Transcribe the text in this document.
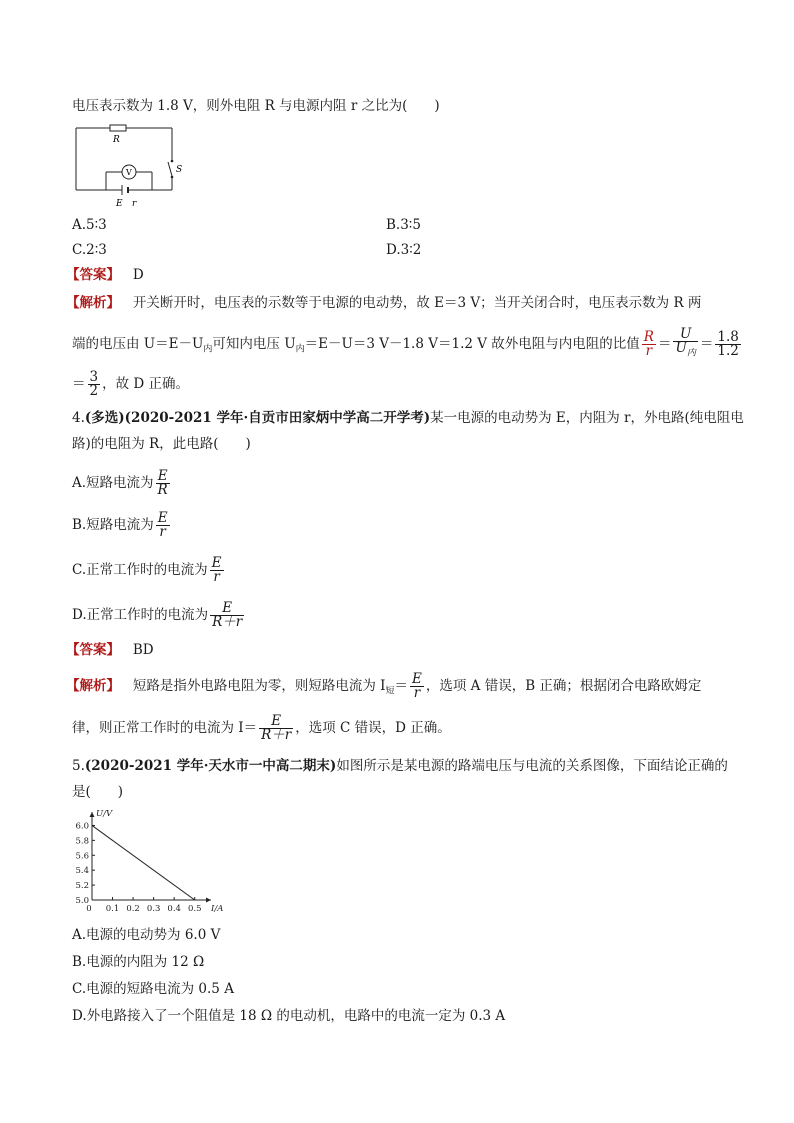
电压表示数为 1.8 V，则外电阻 R 与电源内阻 r 之比为(　　)
R
V	S
E r
A.5∶3	B.3∶5
C.2∶3	D.3∶2
【答案】 D
【解析】 开关断开时，电压表的示数等于电源的电动势，故 E＝3 V；当开关闭合时，电压表示数为 R 两
端的电压由 $U=E-U_内$可知内电压 $U_内=E-U=3$ V－1.8 V＝1.2 V 故外电阻与内电阻的比值 $\frac{R}{r} = \frac{U}{U_内} = \frac{1.8}{1.2}$
＝ $\frac{3}{2}$ ，故 D 正确。
4.(多选)(2020-2021 学年·自贡市田家炳中学高二开学考)某一电源的电动势为 E，内阻为 r，外电路(纯电阻电
路)的电阻为 R，此电路(　　)
A.短路电流为 $\frac{E}{R}$
B.短路电流为 $\frac{E}{r}$
C.正常工作时的电流为 $\frac{E}{r}$
D.正常工作时的电流为 $\frac{E}{R+r}$
【答案】 BD
【解析】 短路是指外电路电阻为零，则短路电流为 $I_短= \frac{E}{r}$ ，选项 A 错误，B 正确；根据闭合电路欧姆定
律，则正常工作时的电流为 $I= \frac{E}{R+r}$ ，选项 C 错误，D 正确。
5.(2020-2021 学年·天水市一中高二期末)如图所示是某电源的路端电压与电流的关系图像，下面结论正确的
是(　　)
5.0
5.2
5.4
5.6
5.8
6.0
0 0.1 0.2 0.3 0.4 0.5 I/A
U/V
A.电源的电动势为 6.0 V
B.电源的内阻为 12 Ω
C.电源的短路电流为 0.5 A
D.外电路接入了一个阻值是 18 Ω 的电动机，电路中的电流一定为 0.3 A
